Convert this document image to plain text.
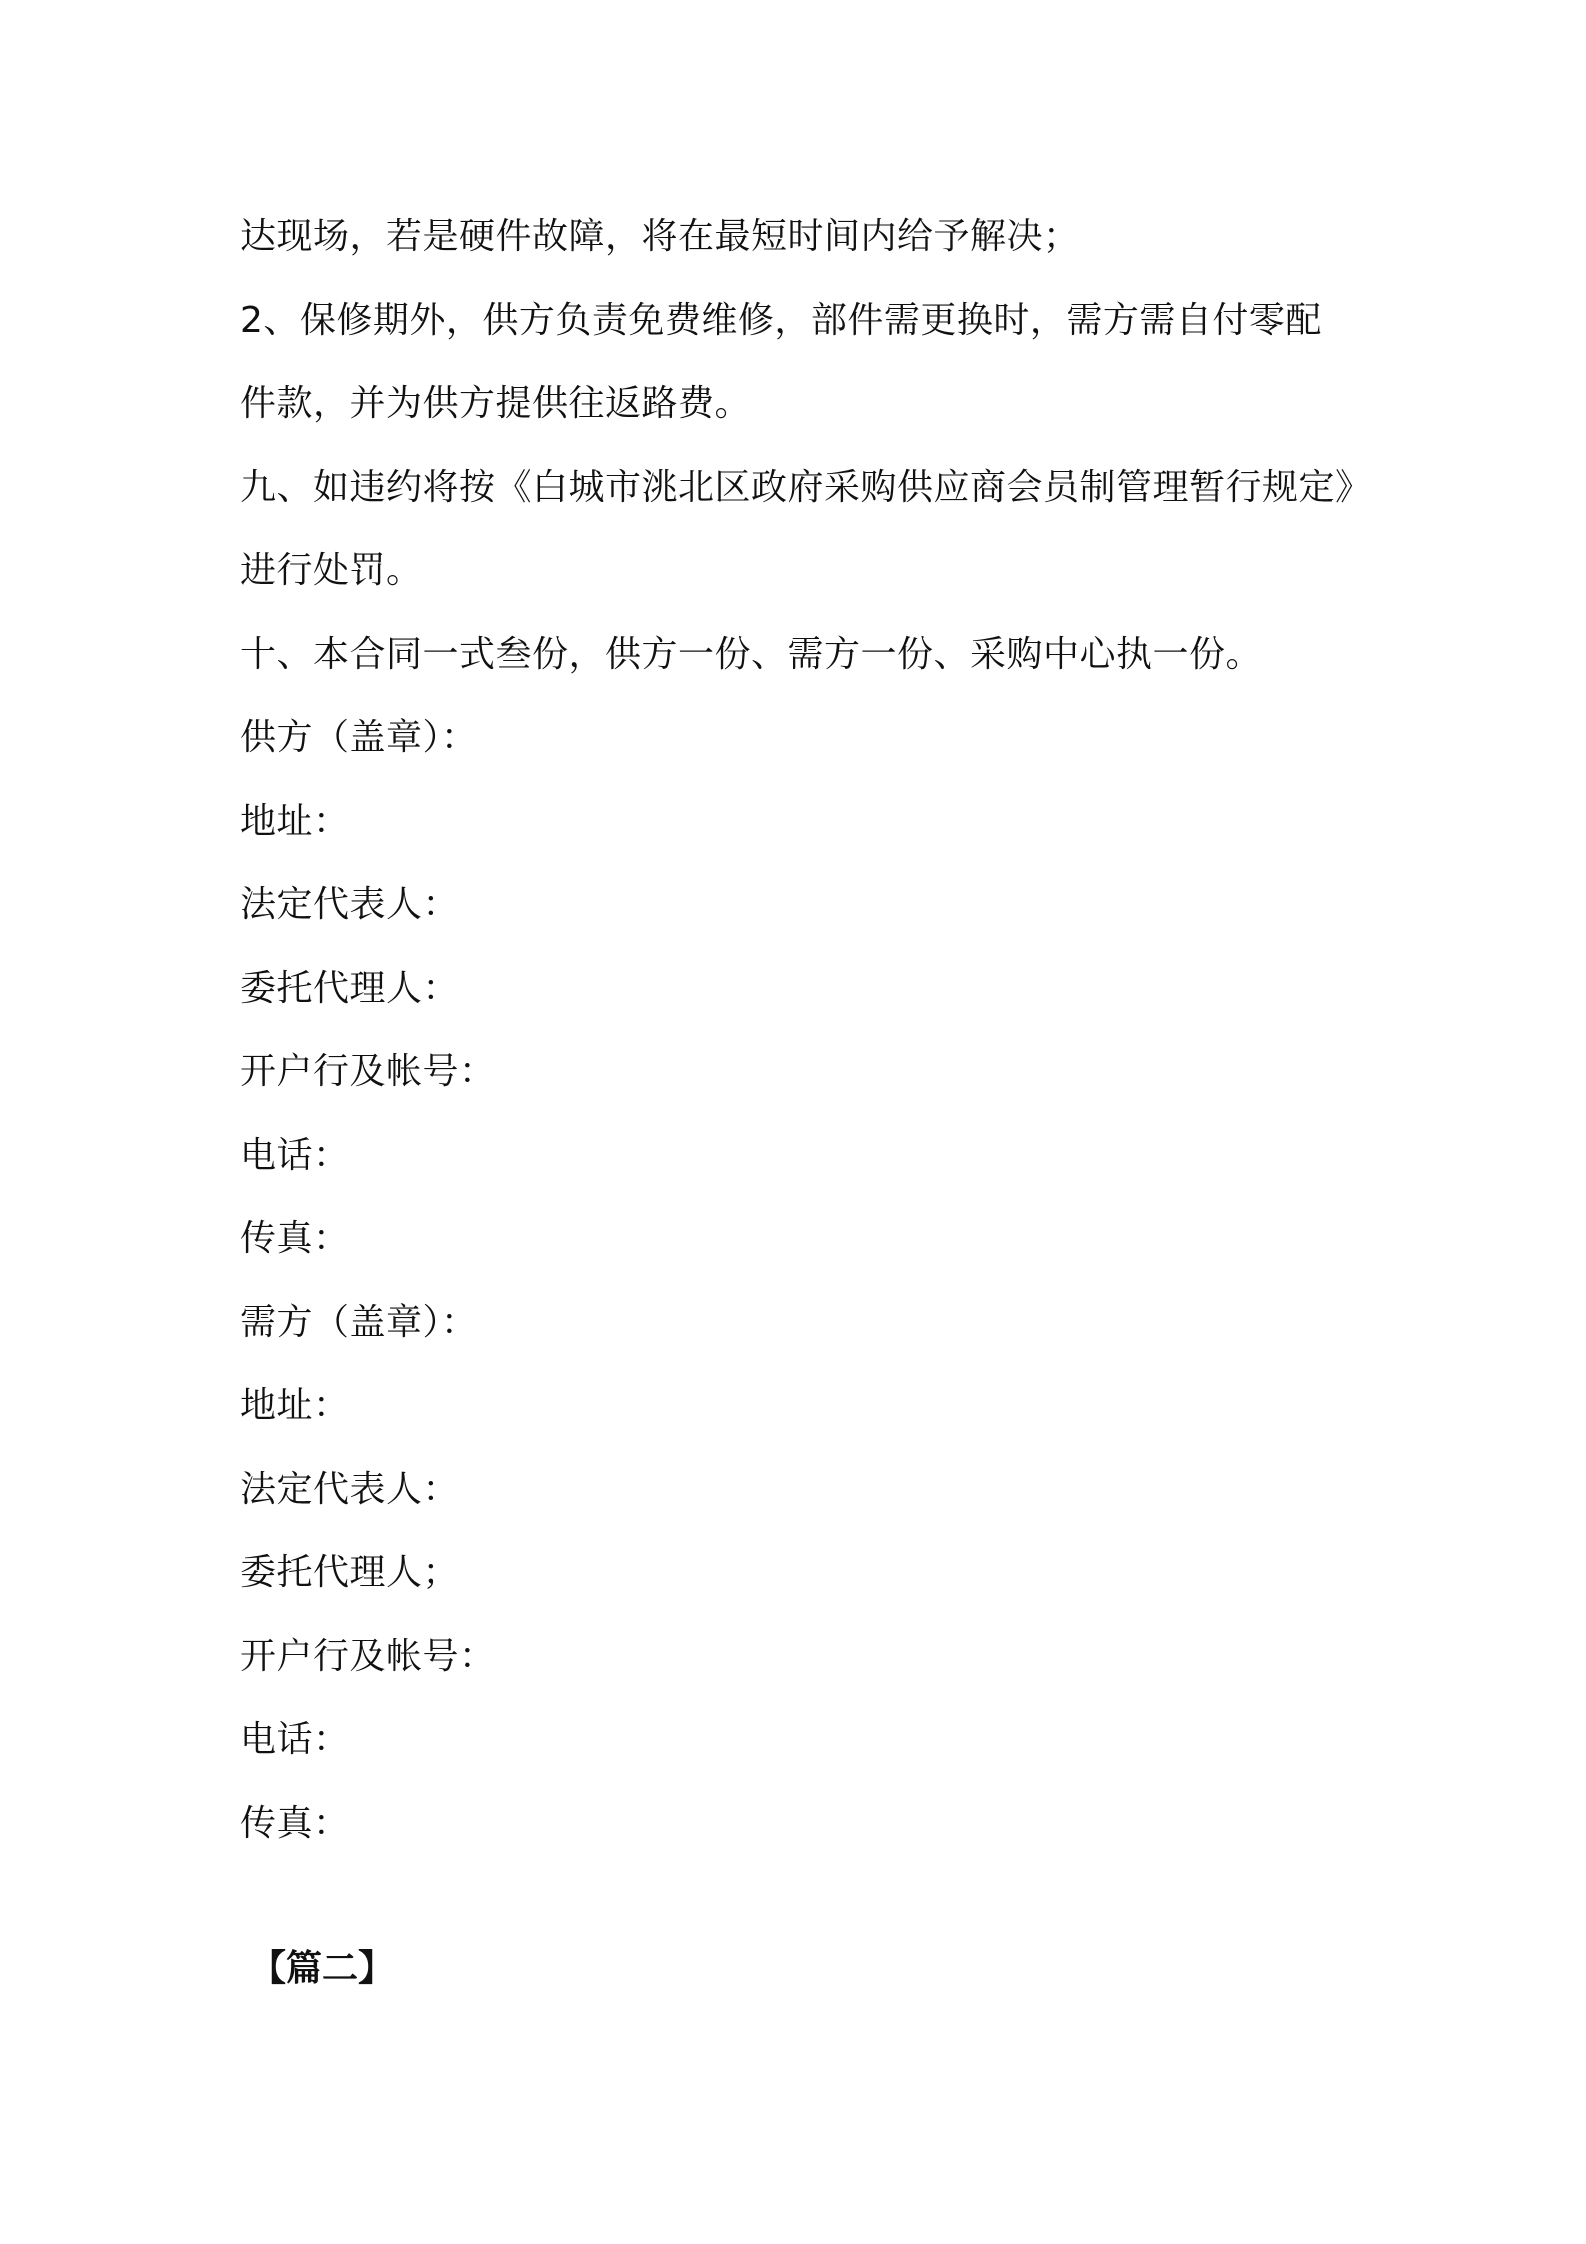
达现场，若是硬件故障，将在最短时间内给予解决；
2、保修期外，供方负责免费维修，部件需更换时，需方需自付零配
件款，并为供方提供往返路费。
九、如违约将按《白城市洮北区政府采购供应商会员制管理暂行规定》
进行处罚。
十、本合同一式叁份，供方一份、需方一份、采购中心执一份。
供方（盖章）：
地址：
法定代表人：
委托代理人：
开户行及帐号：
电话：
传真：
需方（盖章）：
地址：
法定代表人：
委托代理人；
开户行及帐号：
电话：
传真：
【篇二】
